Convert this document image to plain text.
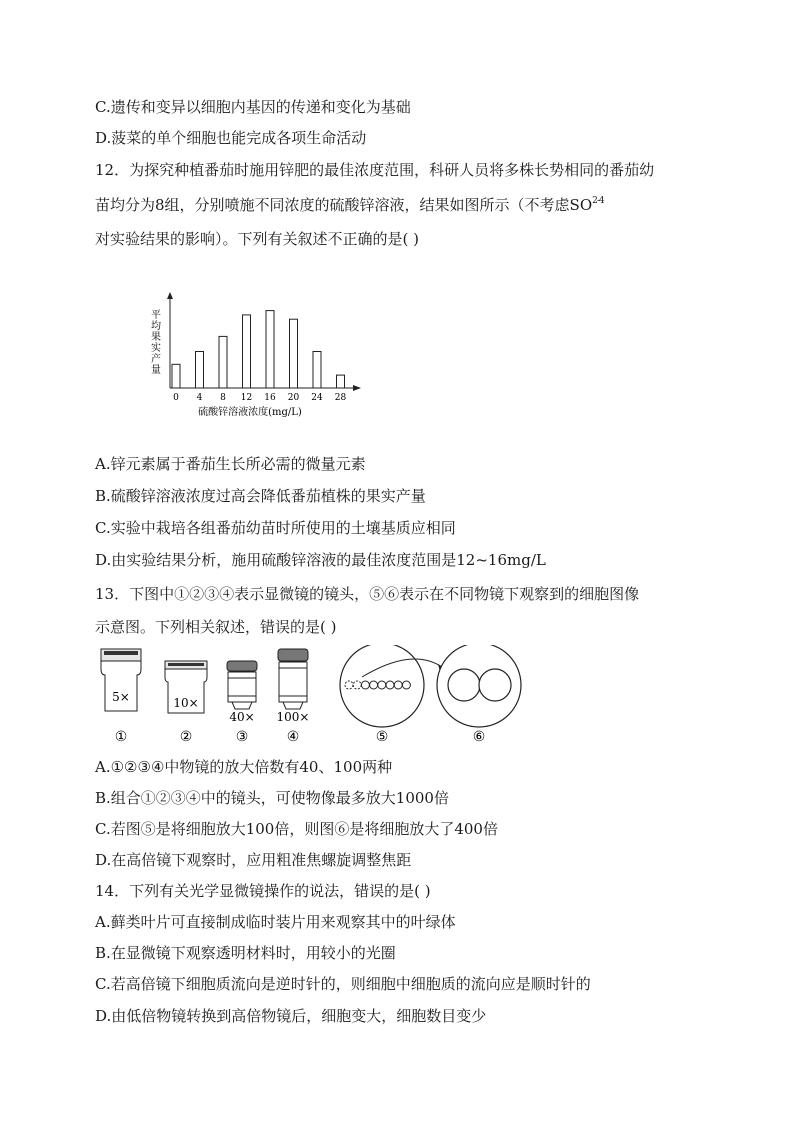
C.遗传和变异以细胞内基因的传递和变化为基础
D.菠菜的单个细胞也能完成各项生命活动
12．为探究种植番茄时施用锌肥的最佳浓度范围，科研人员将多株长势相同的番茄幼
苗均分为8组，分别喷施不同浓度的硫酸锌溶液，结果如图所示（不考虑SO$^{2-4}$
对实验结果的影响）。下列有关叙述不正确的是( )
0 4 8 12 16 20 24 28
平均果实产量
硫酸锌溶液浓度(mg/L)
A.锌元素属于番茄生长所必需的微量元素
B.硫酸锌溶液浓度过高会降低番茄植株的果实产量
C.实验中栽培各组番茄幼苗时所使用的土壤基质应相同
D.由实验结果分析，施用硫酸锌溶液的最佳浓度范围是12~16mg/L
13．下图中①②③④表示显微镜的镜头，⑤⑥表示在不同物镜下观察到的细胞图像
示意图。下列相关叙述，错误的是( )
5×	10×
40× 100×
①	②	③	④	⑤	⑥
A.①②③④中物镜的放大倍数有40、100两种
B.组合①②③④中的镜头，可使物像最多放大1000倍
C.若图⑤是将细胞放大100倍，则图⑥是将细胞放大了400倍
D.在高倍镜下观察时，应用粗准焦螺旋调整焦距
14．下列有关光学显微镜操作的说法，错误的是( )
A.藓类叶片可直接制成临时装片用来观察其中的叶绿体
B.在显微镜下观察透明材料时，用较小的光圈
C.若高倍镜下细胞质流向是逆时针的，则细胞中细胞质的流向应是顺时针的
D.由低倍物镜转换到高倍物镜后，细胞变大，细胞数目变少
